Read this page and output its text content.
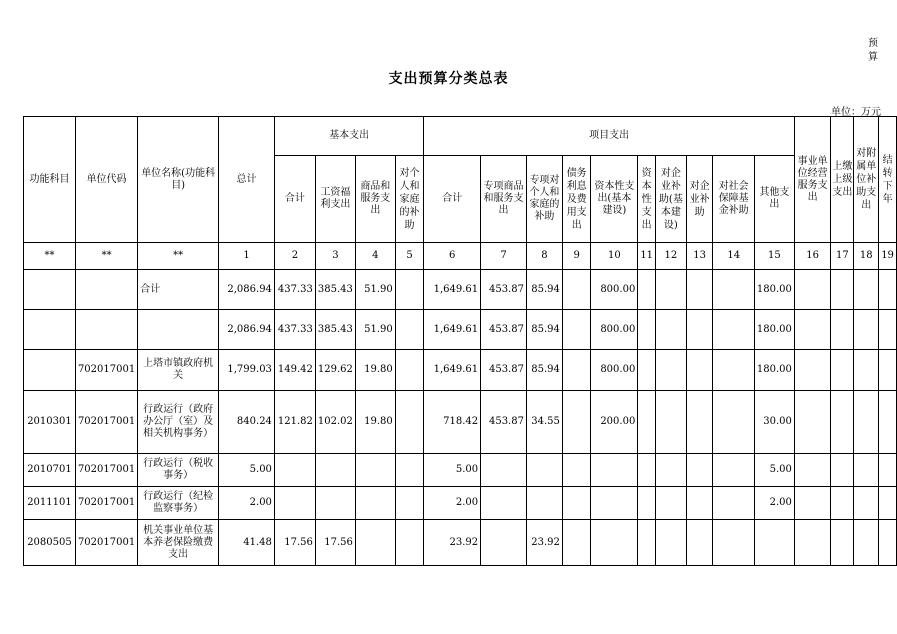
预算
支出预算分类总表
单位：万元
功能科目	单位代码	单位名称(功能科目)	总计	基本支出				项目支出										事业单位经营服务支出	上缴上级支出	对附属单位补助支出	结转下年
				合计	工资福利支出	商品和服务支出	对个人和家庭的补助	合计	专项商品和服务支出	专项对个人和家庭的补助	债务利息及费用支出	资本性支出(基本建设)	资本性支出	对企业补助(基本建设)	对企业补助	对社会保障基金补助	其他支出				
**	**	**	1	2	3	4	5	6	7	8	9	10	11	12	13	14	15	16	17	18	19
		合计	2,086.94	437.33	385.43	51.90		1,649.61	453.87	85.94		800.00					180.00				
			2,086.94	437.33	385.43	51.90		1,649.61	453.87	85.94		800.00					180.00				
	702017001	上塔市镇政府机关	1,799.03	149.42	129.62	19.80		1,649.61	453.87	85.94		800.00					180.00				
2010301	702017001	行政运行（政府办公厅（室）及相关机构事务）	840.24	121.82	102.02	19.80		718.42	453.87	34.55		200.00					30.00				
2010701	702017001	行政运行（税收事务）	5.00					5.00									5.00				
2011101	702017001	行政运行（纪检监察事务）	2.00					2.00									2.00				
2080505	702017001	机关事业单位基本养老保险缴费支出	41.48	17.56	17.56			23.92		23.92											
